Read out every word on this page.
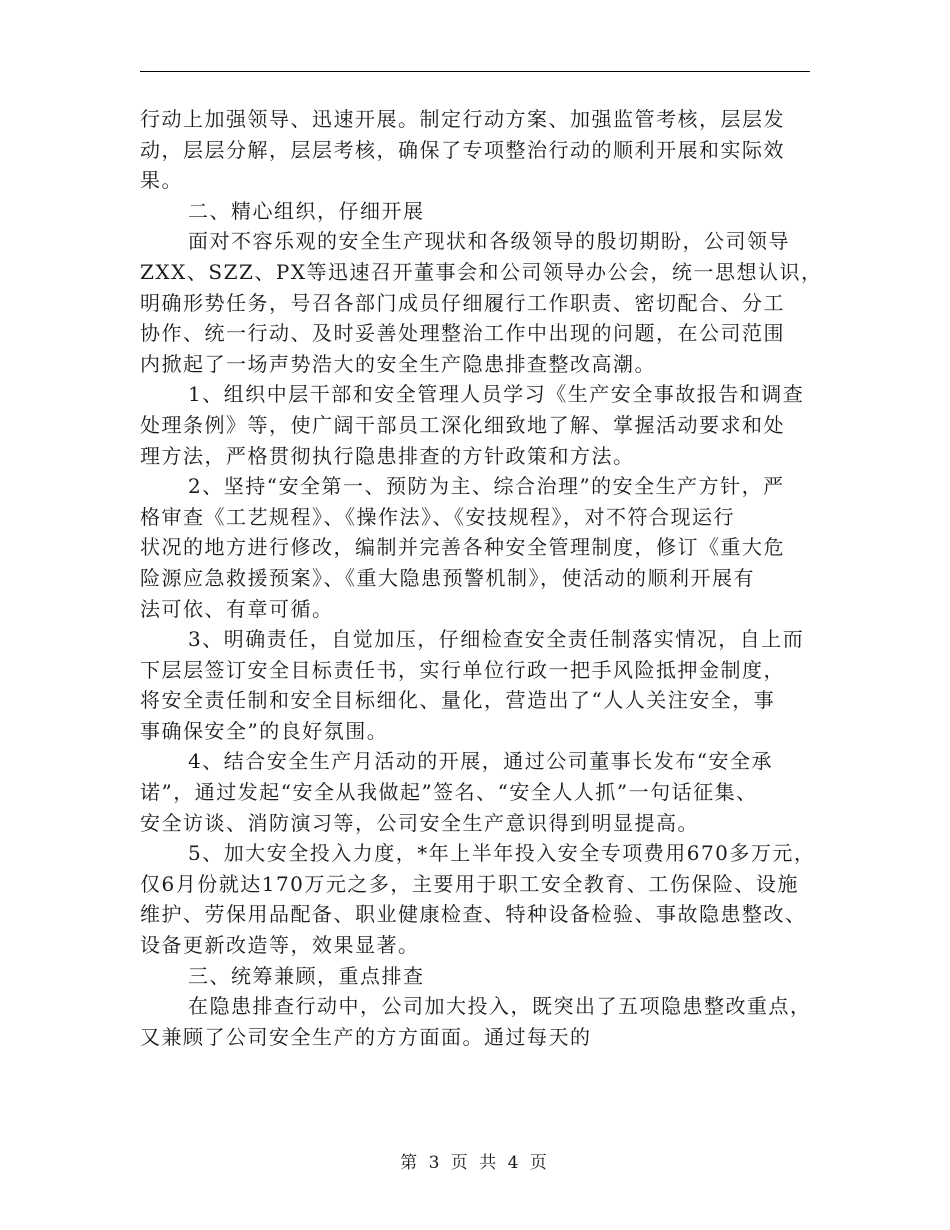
行动上加强领导、迅速开展。制定行动方案、加强监管考核，层层发
动，层层分解，层层考核，确保了专项整治行动的顺利开展和实际效
果。
二、精心组织，仔细开展
面对不容乐观的安全生产现状和各级领导的殷切期盼，公司领导
ZXX、SZZ、PX等迅速召开董事会和公司领导办公会，统一思想认识，
明确形势任务，号召各部门成员仔细履行工作职责、密切配合、分工
协作、统一行动、及时妥善处理整治工作中出现的问题，在公司范围
内掀起了一场声势浩大的安全生产隐患排查整改高潮。
1、组织中层干部和安全管理人员学习《生产安全事故报告和调查
处理条例》等，使广阔干部员工深化细致地了解、掌握活动要求和处
理方法，严格贯彻执行隐患排查的方针政策和方法。
2、坚持“安全第一、预防为主、综合治理”的安全生产方针，严
格审查《工艺规程》、《操作法》、《安技规程》，对不符合现运行
状况的地方进行修改，编制并完善各种安全管理制度，修订《重大危
险源应急救援预案》、《重大隐患预警机制》，使活动的顺利开展有
法可依、有章可循。
3、明确责任，自觉加压，仔细检查安全责任制落实情况，自上而
下层层签订安全目标责任书，实行单位行政一把手风险抵押金制度，
将安全责任制和安全目标细化、量化，营造出了“人人关注安全，事
事确保安全”的良好氛围。
4、结合安全生产月活动的开展，通过公司董事长发布“安全承
诺”，通过发起“安全从我做起”签名、“安全人人抓”一句话征集、
安全访谈、消防演习等，公司安全生产意识得到明显提高。
5、加大安全投入力度，*年上半年投入安全专项费用670多万元，
仅6月份就达170万元之多，主要用于职工安全教育、工伤保险、设施
维护、劳保用品配备、职业健康检查、特种设备检验、事故隐患整改、
设备更新改造等，效果显著。
三、统筹兼顾，重点排查
在隐患排查行动中，公司加大投入，既突出了五项隐患整改重点，
又兼顾了公司安全生产的方方面面。通过每天的
第 3 页 共 4 页
